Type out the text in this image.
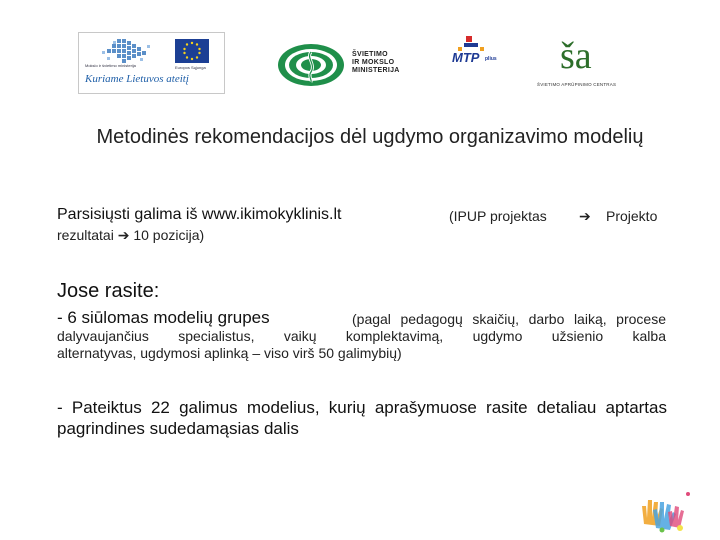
Mokslo ir švietimo ministerija	Europos Sąjunga
Kuriame Lietuvos ateitį
ŠVIETIMO
IR MOKSLO
MINISTERIJA
MTP plius ša
ŠVIETIMO APRŪPINIMO CENTRAS
Metodinės rekomendacijos dėl ugdymo organizavimo modelių
Parsisiųsti galima iš www.ikimokyklinis.lt	(IPUP projektas ➔ Projekto
rezultatai ➔ 10 pozicija)
Jose rasite:
- 6 siūlomas modelių grupes	(pagal pedagogų skaičių, darbo laiką, procese
dalyvaujančius specialistus, vaikų komplektavimą, ugdymo užsienio kalba
alternatyvas, ugdymosi aplinką – viso virš 50 galimybių)
- Pateiktus 22 galimus modelius, kurių aprašymuose rasite detaliau aptartas pagrindines sudedamąsias dalis
